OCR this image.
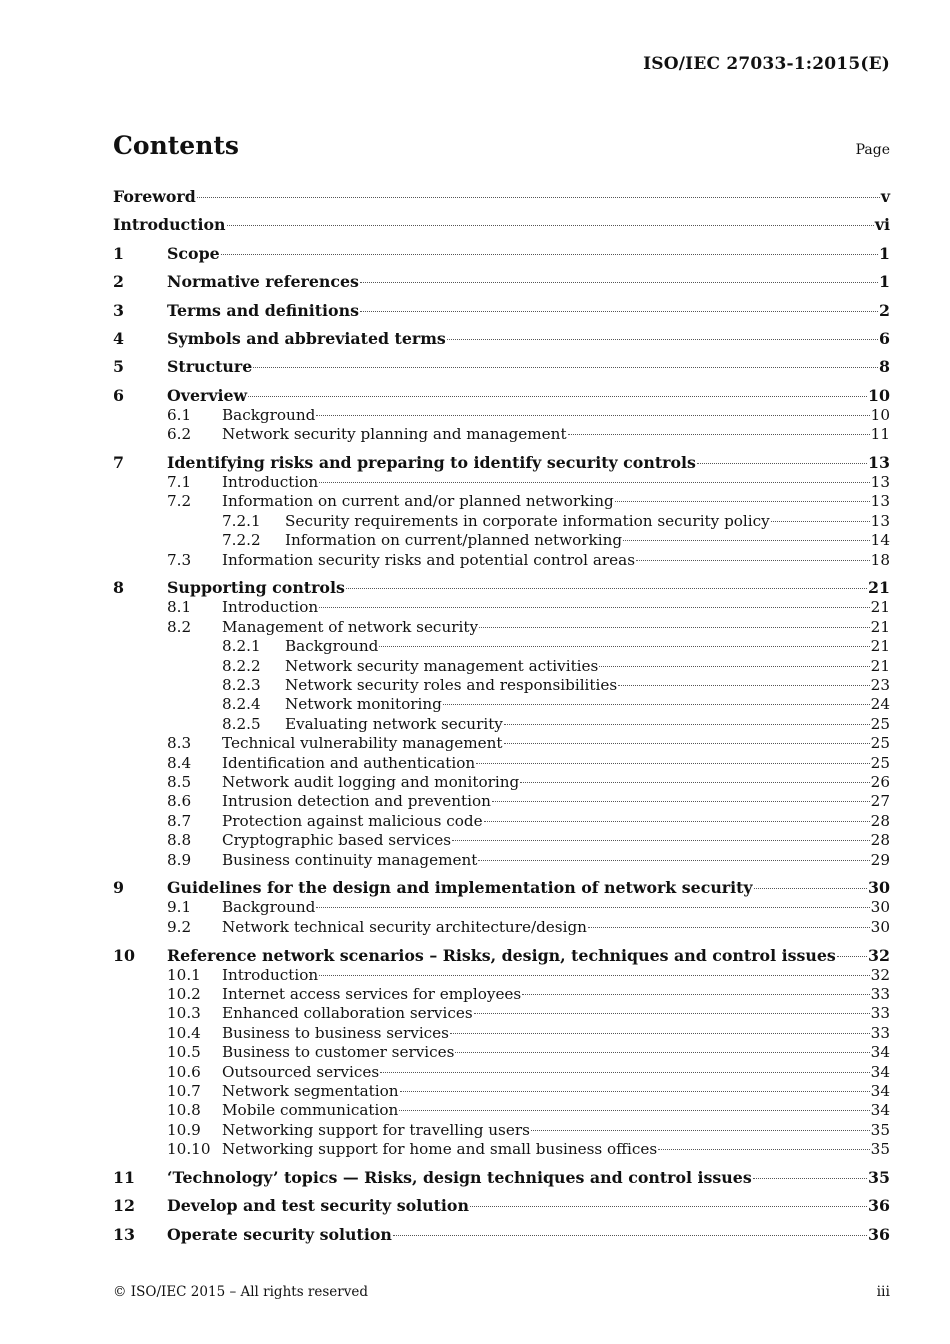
ISO/IEC 27033-1:2015(E)
Contents	Page
Foreword	v
Introduction	vi
1	Scope	1
2	Normative references	1
3	Terms and definitions	2
4	Symbols and abbreviated terms	6
5	Structure	8
6	Overview	10
6.1	Background	10
6.2	Network security planning and management	11
7	Identifying risks and preparing to identify security controls	13
7.1	Introduction	13
7.2	Information on current and/or planned networking	13
7.2.1	Security requirements in corporate information security policy	13
7.2.2	Information on current/planned networking	14
7.3	Information security risks and potential control areas	18
8	Supporting controls	21
8.1	Introduction	21
8.2	Management of network security	21
8.2.1	Background	21
8.2.2	Network security management activities	21
8.2.3	Network security roles and responsibilities	23
8.2.4	Network monitoring	24
8.2.5	Evaluating network security	25
8.3	Technical vulnerability management	25
8.4	Identification and authentication	25
8.5	Network audit logging and monitoring	26
8.6	Intrusion detection and prevention	27
8.7	Protection against malicious code	28
8.8	Cryptographic based services	28
8.9	Business continuity management	29
9	Guidelines for the design and implementation of network security	30
9.1	Background	30
9.2	Network technical security architecture/design	30
10	Reference network scenarios – Risks, design, techniques and control issues 32
10.1	Introduction	32
10.2	Internet access services for employees	33
10.3	Enhanced collaboration services	33
10.4	Business to business services	33
10.5	Business to customer services	34
10.6	Outsourced services	34
10.7	Network segmentation	34
10.8	Mobile communication	34
10.9	Networking support for travelling users	35
10.10 Networking support for home and small business offices	35
11	‘Technology’ topics — Risks, design techniques and control issues	35
12	Develop and test security solution	36
13	Operate security solution	36
© ISO/IEC 2015 – All rights reserved	iii
